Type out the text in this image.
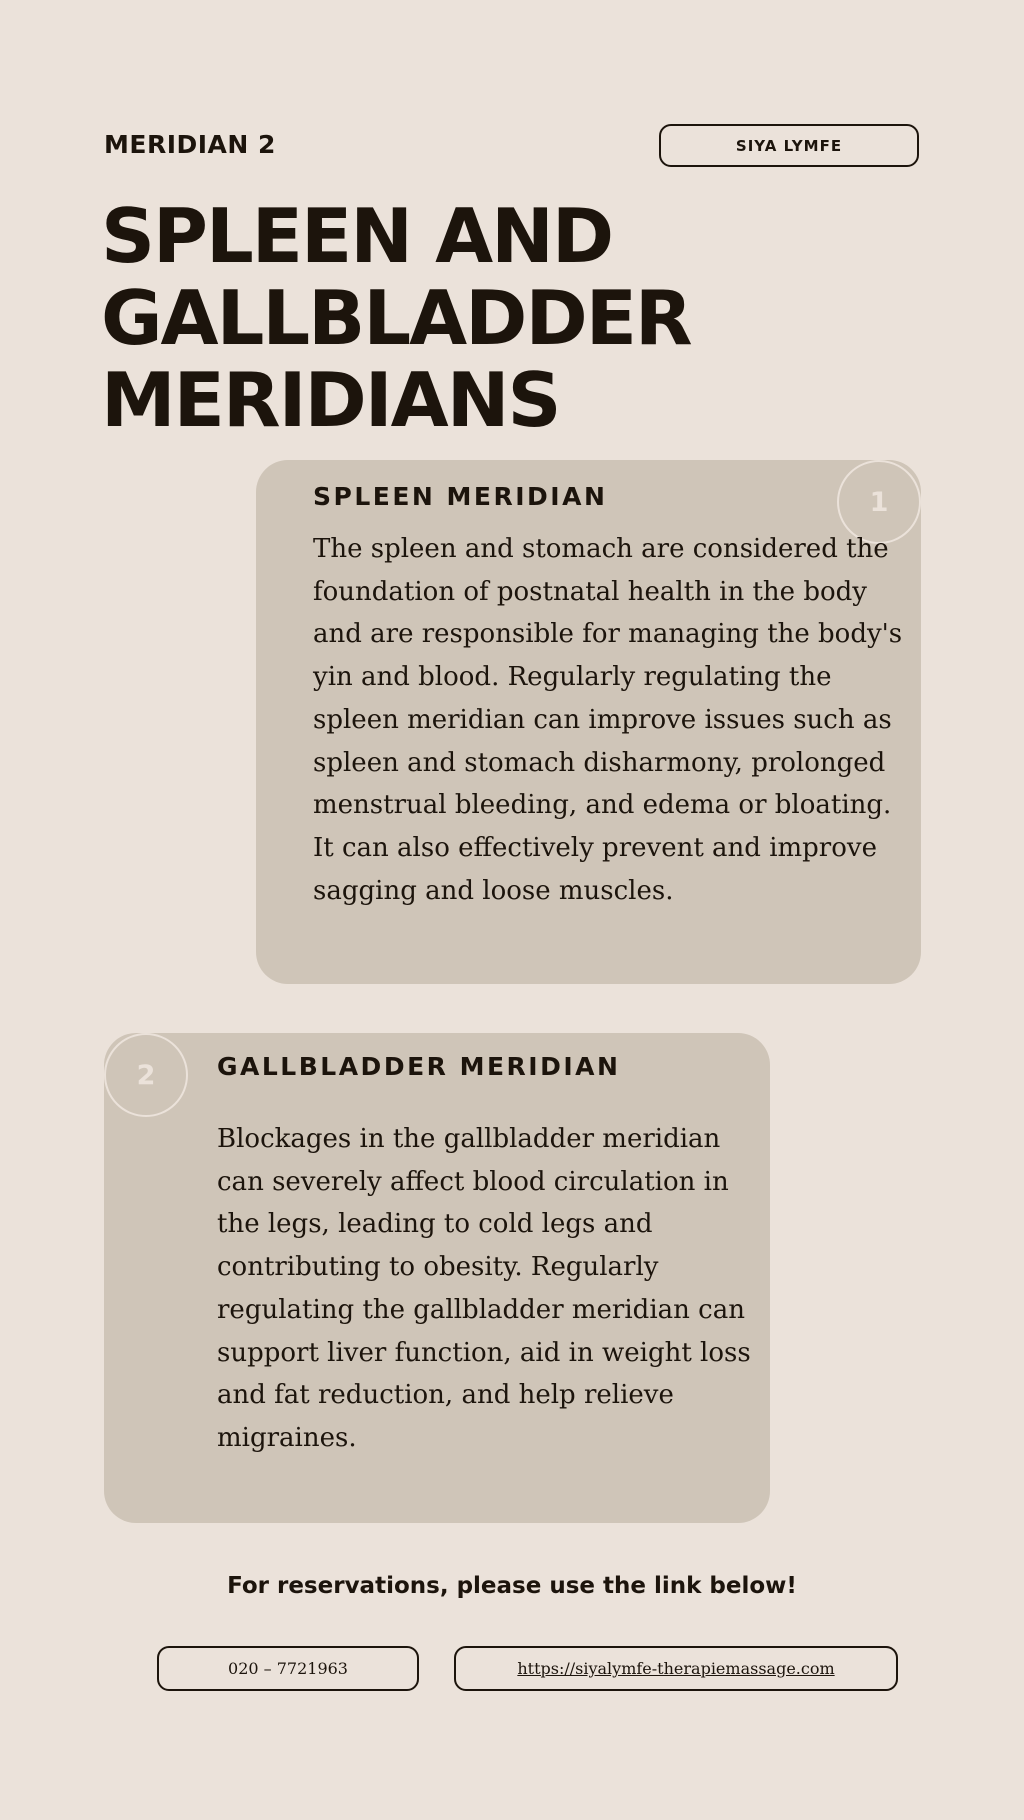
MERIDIAN 2	SIYA LYMFE
SPLEEN AND GALLBLADDER MERIDIANS
1
SPLEEN MERIDIAN

The spleen and stomach are considered the foundation of postnatal health in the body and are responsible for managing the body's yin and blood. Regularly regulating the spleen meridian can improve issues such as spleen and stomach disharmony, prolonged menstrual bleeding, and edema or bloating. It can also effectively prevent and improve sagging and loose muscles.

2	GALLBLADDER MERIDIAN

Blockages in the gallbladder meridian can severely affect blood circulation in the legs, leading to cold legs and contributing to obesity. Regularly regulating the gallbladder meridian can support liver function, aid in weight loss and fat reduction, and help relieve migraines.

For reservations, please use the link below!
020 – 7721963	https://siyalymfe-therapiemassage.com
